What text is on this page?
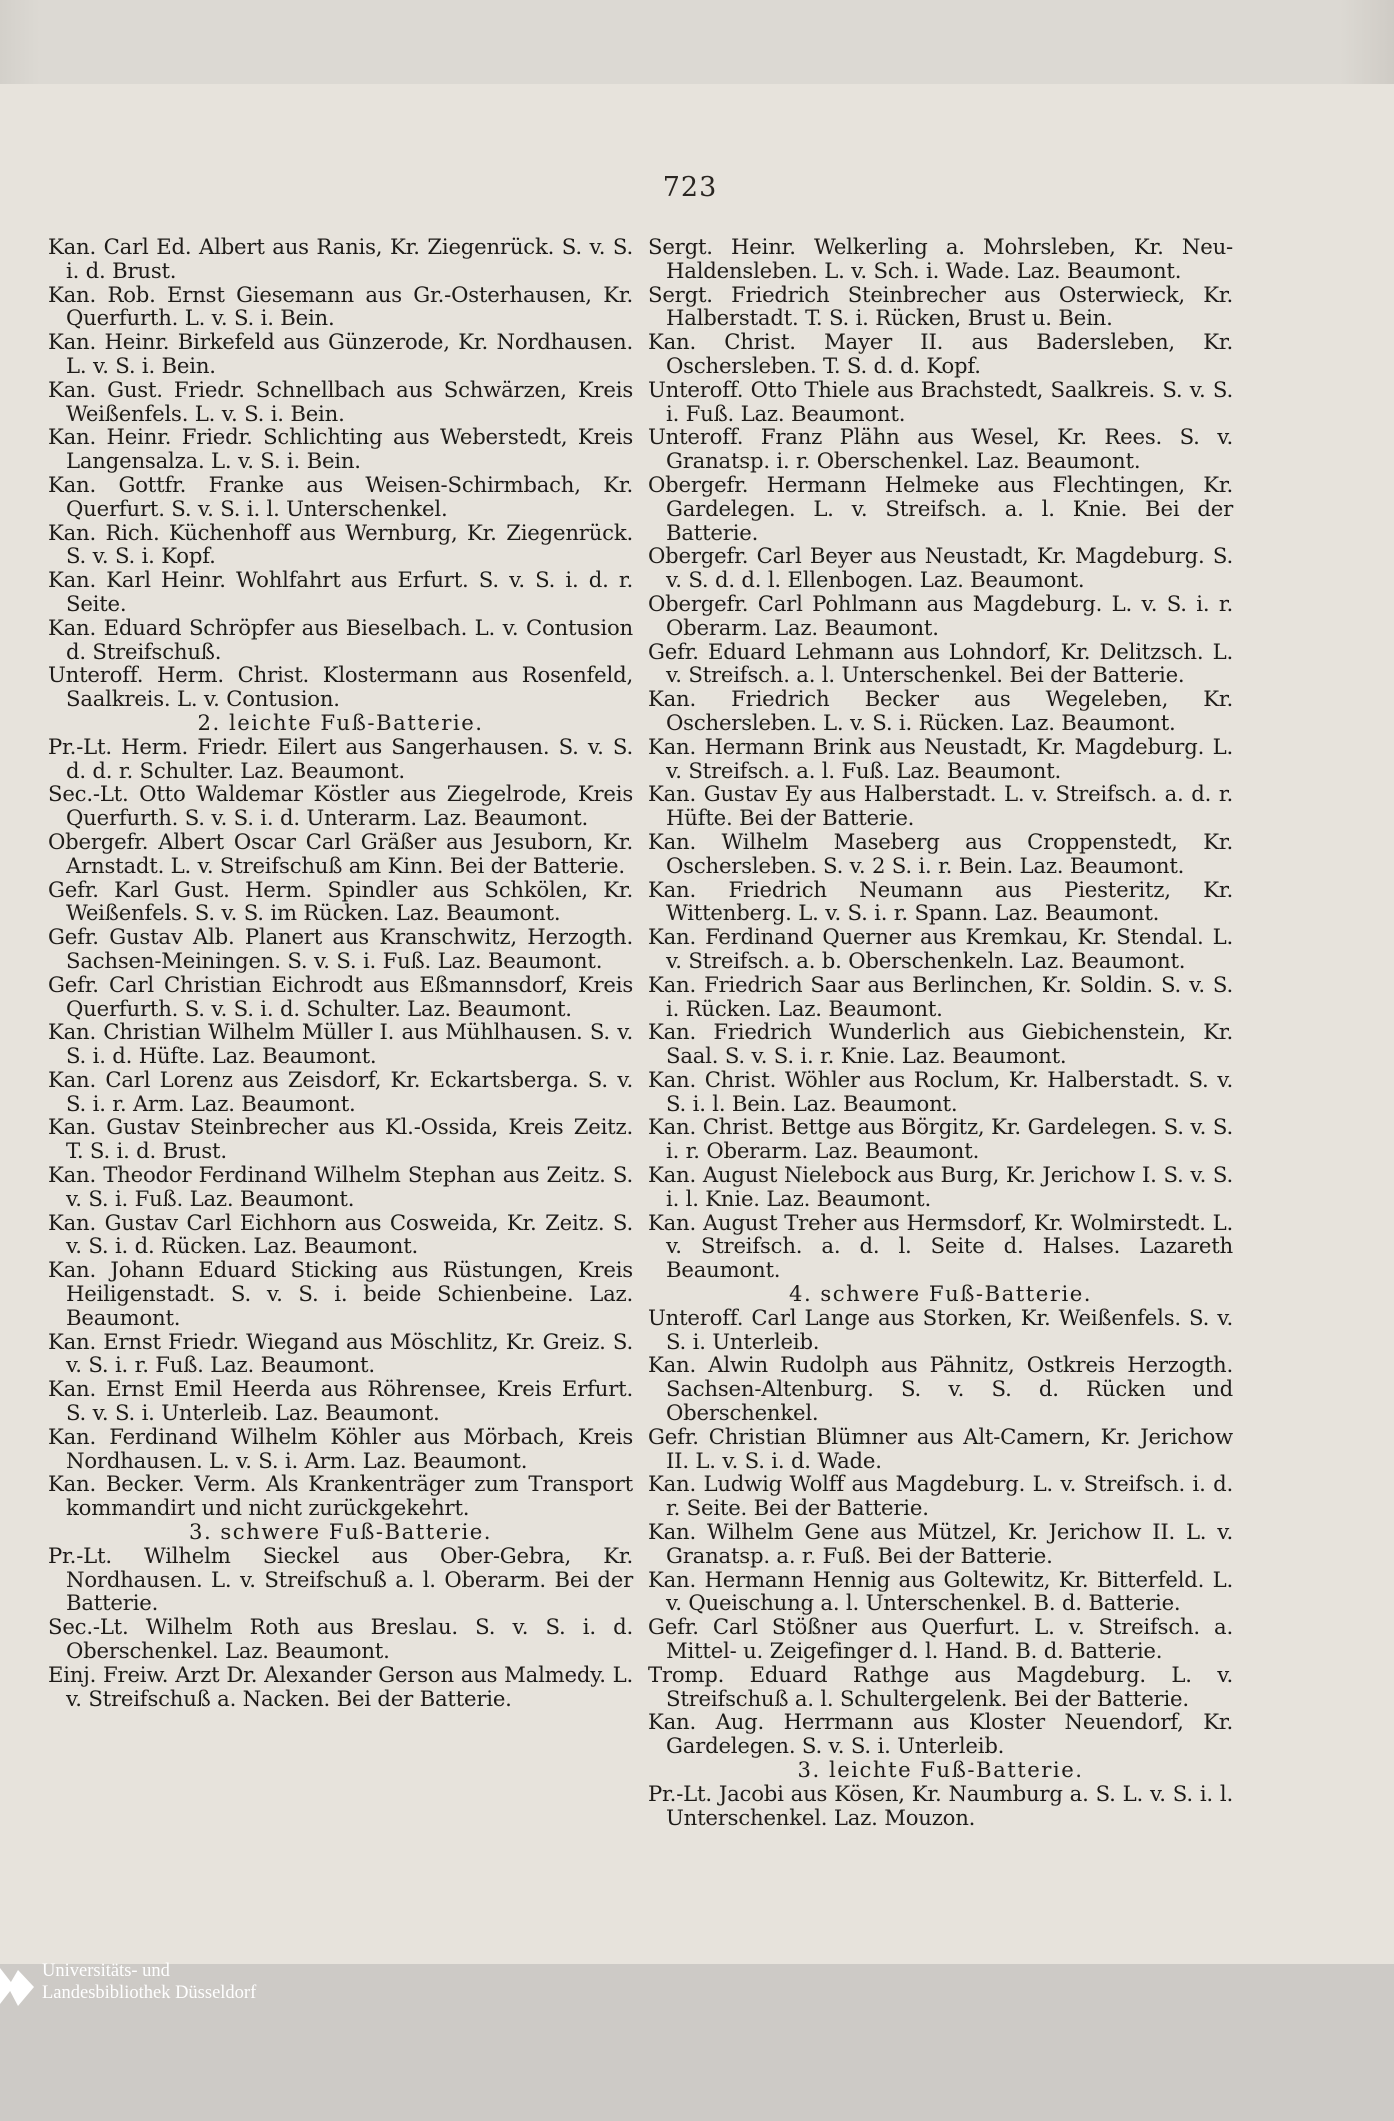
723

Kan. Carl Ed. Albert aus Ranis, Kr. Ziegenrück. S. v. S. i. d. Brust.

Kan. Rob. Ernst Giesemann aus Gr.-Osterhausen, Kr. Querfurth. L. v. S. i. Bein.

Kan. Heinr. Birkefeld aus Günzerode, Kr. Nordhausen. L. v. S. i. Bein.

Kan. Gust. Friedr. Schnellbach aus Schwärzen, Kreis Weißenfels. L. v. S. i. Bein.

Kan. Heinr. Friedr. Schlichting aus Weberstedt, Kreis Langensalza. L. v. S. i. Bein.

Kan. Gottfr. Franke aus Weisen-Schirmbach, Kr. Querfurt. S. v. S. i. l. Unterschenkel.

Kan. Rich. Küchenhoff aus Wernburg, Kr. Ziegenrück. S. v. S. i. Kopf.

Kan. Karl Heinr. Wohlfahrt aus Erfurt. S. v. S. i. d. r. Seite.

Kan. Eduard Schröpfer aus Bieselbach. L. v. Contusion d. Streifschuß.

Unteroff. Herm. Christ. Klostermann aus Rosenfeld, Saalkreis. L. v. Contusion.

2. leichte Fuß-Batterie.

Pr.-Lt. Herm. Friedr. Eilert aus Sangerhausen. S. v. S. d. d. r. Schulter. Laz. Beaumont.

Sec.-Lt. Otto Waldemar Köstler aus Ziegelrode, Kreis Querfurth. S. v. S. i. d. Unterarm. Laz. Beaumont.

Obergefr. Albert Oscar Carl Gräßer aus Jesuborn, Kr. Arnstadt. L. v. Streifschuß am Kinn. Bei der Batterie.

Gefr. Karl Gust. Herm. Spindler aus Schkölen, Kr. Weißenfels. S. v. S. im Rücken. Laz. Beaumont.

Gefr. Gustav Alb. Planert aus Kranschwitz, Herzogth. Sachsen-Meiningen. S. v. S. i. Fuß. Laz. Beaumont.

Gefr. Carl Christian Eichrodt aus Eßmannsdorf, Kreis Querfurth. S. v. S. i. d. Schulter. Laz. Beaumont.

Kan. Christian Wilhelm Müller I. aus Mühlhausen. S. v. S. i. d. Hüfte. Laz. Beaumont.

Kan. Carl Lorenz aus Zeisdorf, Kr. Eckartsberga. S. v. S. i. r. Arm. Laz. Beaumont.

Kan. Gustav Steinbrecher aus Kl.-Ossida, Kreis Zeitz. T. S. i. d. Brust.

Kan. Theodor Ferdinand Wilhelm Stephan aus Zeitz. S. v. S. i. Fuß. Laz. Beaumont.

Kan. Gustav Carl Eichhorn aus Cosweida, Kr. Zeitz. S. v. S. i. d. Rücken. Laz. Beaumont.

Kan. Johann Eduard Sticking aus Rüstungen, Kreis Heiligenstadt. S. v. S. i. beide Schienbeine. Laz. Beaumont.

Kan. Ernst Friedr. Wiegand aus Möschlitz, Kr. Greiz. S. v. S. i. r. Fuß. Laz. Beaumont.

Kan. Ernst Emil Heerda aus Röhrensee, Kreis Erfurt. S. v. S. i. Unterleib. Laz. Beaumont.

Kan. Ferdinand Wilhelm Köhler aus Mörbach, Kreis Nordhausen. L. v. S. i. Arm. Laz. Beaumont.

Kan. Becker. Verm. Als Krankenträger zum Transport kommandirt und nicht zurückgekehrt.

3. schwere Fuß-Batterie.

Pr.-Lt. Wilhelm Sieckel aus Ober-Gebra, Kr. Nordhausen. L. v. Streifschuß a. l. Oberarm. Bei der Batterie.

Sec.-Lt. Wilhelm Roth aus Breslau. S. v. S. i. d. Oberschenkel. Laz. Beaumont.

Einj. Freiw. Arzt Dr. Alexander Gerson aus Malmedy. L. v. Streifschuß a. Nacken. Bei der Batterie.

Sergt. Heinr. Welkerling a. Mohrsleben, Kr. Neu-Haldensleben. L. v. Sch. i. Wade. Laz. Beaumont.

Sergt. Friedrich Steinbrecher aus Osterwieck, Kr. Halberstadt. T. S. i. Rücken, Brust u. Bein.

Kan. Christ. Mayer II. aus Badersleben, Kr. Oschersleben. T. S. d. d. Kopf.

Unteroff. Otto Thiele aus Brachstedt, Saalkreis. S. v. S. i. Fuß. Laz. Beaumont.

Unteroff. Franz Plähn aus Wesel, Kr. Rees. S. v. Granatsp. i. r. Oberschenkel. Laz. Beaumont.

Obergefr. Hermann Helmeke aus Flechtingen, Kr. Gardelegen. L. v. Streifsch. a. l. Knie. Bei der Batterie.

Obergefr. Carl Beyer aus Neustadt, Kr. Magdeburg. S. v. S. d. d. l. Ellenbogen. Laz. Beaumont.

Obergefr. Carl Pohlmann aus Magdeburg. L. v. S. i. r. Oberarm. Laz. Beaumont.

Gefr. Eduard Lehmann aus Lohndorf, Kr. Delitzsch. L. v. Streifsch. a. l. Unterschenkel. Bei der Batterie.

Kan. Friedrich Becker aus Wegeleben, Kr. Oschersleben. L. v. S. i. Rücken. Laz. Beaumont.

Kan. Hermann Brink aus Neustadt, Kr. Magdeburg. L. v. Streifsch. a. l. Fuß. Laz. Beaumont.

Kan. Gustav Ey aus Halberstadt. L. v. Streifsch. a. d. r. Hüfte. Bei der Batterie.

Kan. Wilhelm Maseberg aus Croppenstedt, Kr. Oschersleben. S. v. 2 S. i. r. Bein. Laz. Beaumont.

Kan. Friedrich Neumann aus Piesteritz, Kr. Wittenberg. L. v. S. i. r. Spann. Laz. Beaumont.

Kan. Ferdinand Querner aus Kremkau, Kr. Stendal. L. v. Streifsch. a. b. Oberschenkeln. Laz. Beaumont.

Kan. Friedrich Saar aus Berlinchen, Kr. Soldin. S. v. S. i. Rücken. Laz. Beaumont.

Kan. Friedrich Wunderlich aus Giebichenstein, Kr. Saal. S. v. S. i. r. Knie. Laz. Beaumont.

Kan. Christ. Wöhler aus Roclum, Kr. Halberstadt. S. v. S. i. l. Bein. Laz. Beaumont.

Kan. Christ. Bettge aus Börgitz, Kr. Gardelegen. S. v. S. i. r. Oberarm. Laz. Beaumont.

Kan. August Nielebock aus Burg, Kr. Jerichow I. S. v. S. i. l. Knie. Laz. Beaumont.

Kan. August Treher aus Hermsdorf, Kr. Wolmirstedt. L. v. Streifsch. a. d. l. Seite d. Halses. Lazareth Beaumont.

4. schwere Fuß-Batterie.

Unteroff. Carl Lange aus Storken, Kr. Weißenfels. S. v. S. i. Unterleib.

Kan. Alwin Rudolph aus Pähnitz, Ostkreis Herzogth. Sachsen-Altenburg. S. v. S. d. Rücken und Oberschenkel.

Gefr. Christian Blümner aus Alt-Camern, Kr. Jerichow II. L. v. S. i. d. Wade.

Kan. Ludwig Wolff aus Magdeburg. L. v. Streifsch. i. d. r. Seite. Bei der Batterie.

Kan. Wilhelm Gene aus Mützel, Kr. Jerichow II. L. v. Granatsp. a. r. Fuß. Bei der Batterie.

Kan. Hermann Hennig aus Goltewitz, Kr. Bitterfeld. L. v. Queischung a. l. Unterschenkel. B. d. Batterie.

Gefr. Carl Stößner aus Querfurt. L. v. Streifsch. a. Mittel- u. Zeigefinger d. l. Hand. B. d. Batterie.

Tromp. Eduard Rathge aus Magdeburg. L. v. Streifschuß a. l. Schultergelenk. Bei der Batterie.

Kan. Aug. Herrmann aus Kloster Neuendorf, Kr. Gardelegen. S. v. S. i. Unterleib.

3. leichte Fuß-Batterie.

Pr.-Lt. Jacobi aus Kösen, Kr. Naumburg a. S. L. v. S. i. l. Unterschenkel. Laz. Mouzon.

Universitäts- und
Landesbibliothek Düsseldorf
